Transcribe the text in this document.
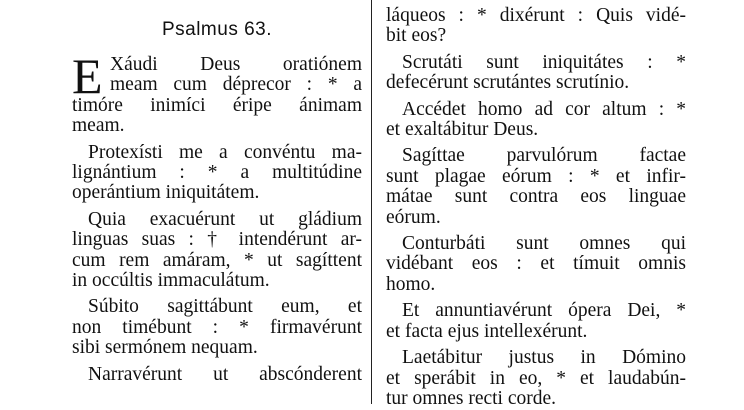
Psalmus 63.
E Xáudi Deus oratiónem
meam cum déprecor : * a
timóre inimíci éripe ánimam
meam.
Protexísti me a convéntu ma-
lignántium : * a multitúdine
operántium iniquitátem.
Quia exacuérunt ut gládium
linguas suas : † intendérunt ar-
cum rem amáram, * ut sagíttent
in occúltis immaculátum.
Súbito sagittábunt eum, et
non timébunt : * firmavérunt
sibi sermónem nequam.
Narravérunt ut abscónderent
láqueos : * dixérunt : Quis vidé-
bit eos?
Scrutáti sunt iniquitátes : *
defecérunt scrutántes scrutínio.
Accédet homo ad cor altum : *
et exaltábitur Deus.
Sagíttae parvulórum factae
sunt plagae eórum : * et infir-
mátae sunt contra eos linguae
eórum.
Conturbáti sunt omnes qui
vidébant eos : et tímuit omnis
homo.
Et annuntiavérunt ópera Dei, *
et facta ejus intellexérunt.
Laetábitur justus in Dómino
et sperábit in eo, * et laudabún-
tur omnes recti corde.
